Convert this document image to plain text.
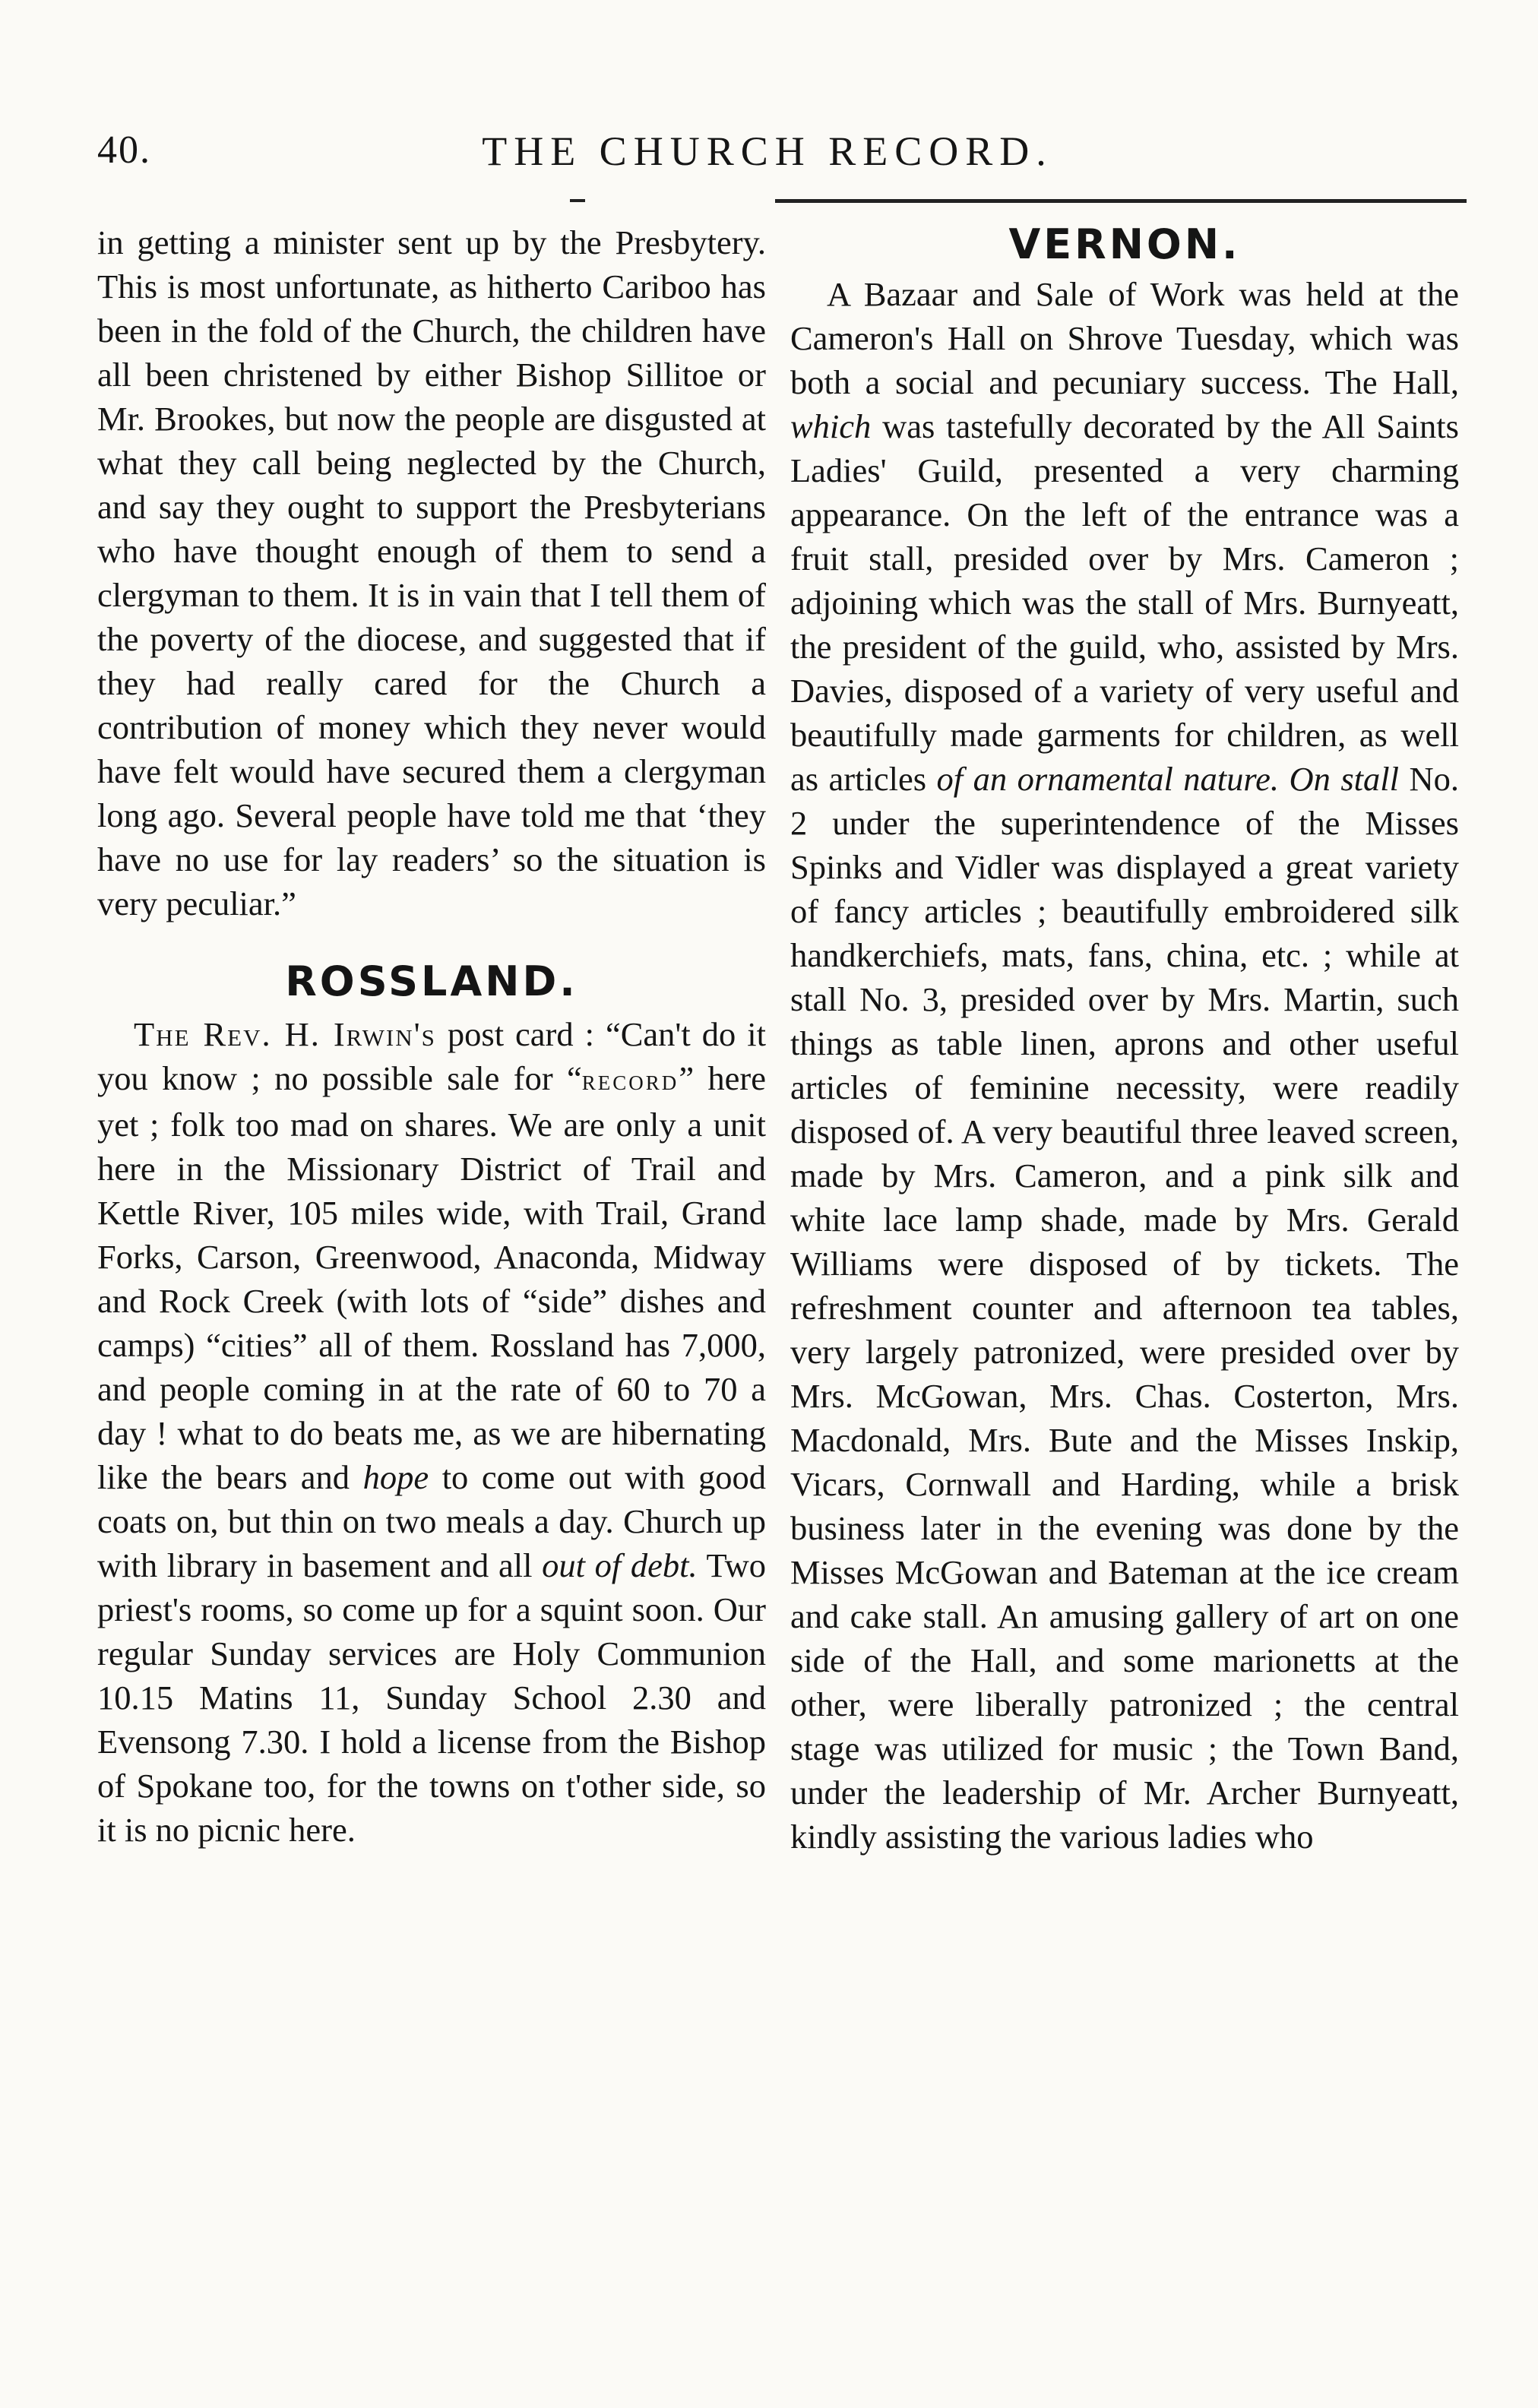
40.	THE CHURCH RECORD.

in getting a minister sent up by the Presbytery. This is most unfortunate, as hitherto Cariboo has been in the fold of the Church, the children have all been christened by either Bishop Sillitoe or Mr. Brookes, but now the people are disgusted at what they call being neglected by the Church, and say they ought to support the Presbyterians who have thought enough of them to send a clergyman to them. It is in vain that I tell them of the poverty of the diocese, and suggested that if they had really cared for the Church a contribution of money which they never would have felt would have secured them a clergyman long ago. Several people have told me that ‘they have no use for lay readers’ so the situation is very peculiar.”

ROSSLAND.

The Rev. H. Irwin's post card : “Can't do it you know ; no possible sale for “record” here yet ; folk too mad on shares. We are only a unit here in the Missionary District of Trail and Kettle River, 105 miles wide, with Trail, Grand Forks, Carson, Greenwood, Anaconda, Midway and Rock Creek (with lots of “side” dishes and camps) “cities” all of them. Rossland has 7,000, and people coming in at the rate of 60 to 70 a day ! what to do beats me, as we are hibernating like the bears and hope to come out with good coats on, but thin on two meals a day. Church up with library in basement and all out of debt. Two priest's rooms, so come up for a squint soon. Our regular Sunday services are Holy Communion 10.15 Matins 11, Sunday School 2.30 and Evensong 7.30. I hold a license from the Bishop of Spokane too, for the towns on t'other side, so it is no picnic here.

VERNON.

A Bazaar and Sale of Work was held at the Cameron's Hall on Shrove Tuesday, which was both a social and pecuniary success. The Hall, which was tastefully decorated by the All Saints Ladies' Guild, presented a very charming appearance. On the left of the entrance was a fruit stall, presided over by Mrs. Cameron ; adjoining which was the stall of Mrs. Burnyeatt, the president of the guild, who, assisted by Mrs. Davies, disposed of a variety of very useful and beautifully made garments for children, as well as articles of an ornamental nature. On stall No. 2 under the superintendence of the Misses Spinks and Vidler was displayed a great variety of fancy articles ; beautifully embroidered silk handkerchiefs, mats, fans, china, etc. ; while at stall No. 3, presided over by Mrs. Martin, such things as table linen, aprons and other useful articles of feminine necessity, were readily disposed of. A very beautiful three leaved screen, made by Mrs. Cameron, and a pink silk and white lace lamp shade, made by Mrs. Gerald Williams were disposed of by tickets. The refreshment counter and afternoon tea tables, very largely patronized, were presided over by Mrs. McGowan, Mrs. Chas. Costerton, Mrs. Macdonald, Mrs. Bute and the Misses Inskip, Vicars, Cornwall and Harding, while a brisk business later in the evening was done by the Misses McGowan and Bateman at the ice cream and cake stall. An amusing gallery of art on one side of the Hall, and some marionetts at the other, were liberally patronized ; the central stage was utilized for music ; the Town Band, under the leadership of Mr. Archer Burnyeatt, kindly assisting the various ladies who
